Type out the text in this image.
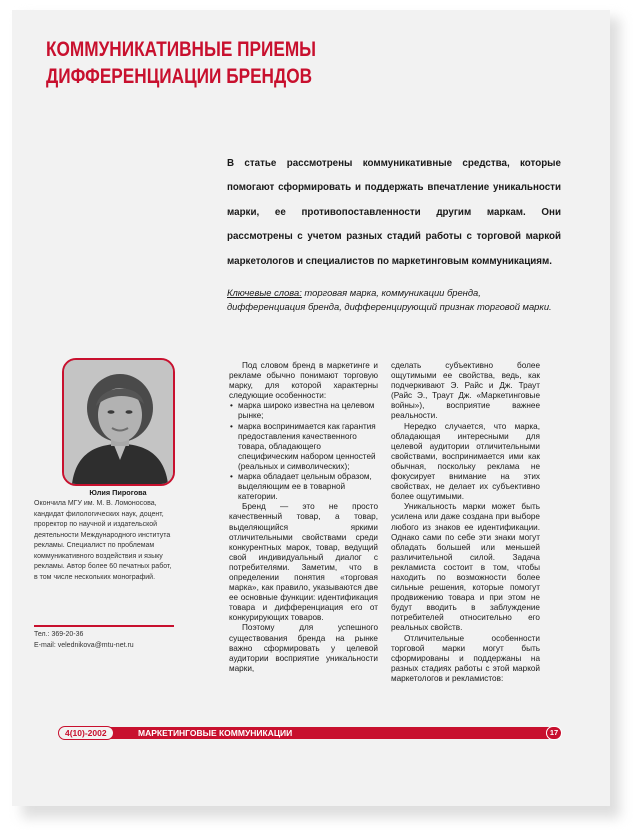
КОММУНИКАТИВНЫЕ ПРИЕМЫ
ДИФФЕРЕНЦИАЦИИ БРЕНДОВ
В статье рассмотрены коммуникативные средства, которые помогают сформировать и поддержать впечатление уникальности марки, ее противопоставленности другим маркам. Они рассмотрены с учетом разных стадий работы с торговой маркой маркетологов и специалистов по маркетинговым коммуникациям.
Ключевые слова: торговая марка, коммуникации бренда, дифференциация бренда, дифференцирующий признак торговой марки.
Юлия Пирогова
Окончила МГУ им. М. В. Ломоносова, кандидат филологических наук, доцент, проректор по научной и издательской деятельности Международного института рекламы. Специалист по проблемам коммуникативного воздействия и языку рекламы. Автор более 60 печатных работ, в том числе нескольких монографий.
Тел.: 369-20-36
E-mail: velednikova@mtu-net.ru

Под словом бренд в маркетинге и рекламе обычно понимают торговую марку, для которой характерны следующие особенности:

• марка широко известна на целевом рынке;
• марка воспринимается как гарантия предоставления качественного товара, обладающего специфическим набором ценностей (реальных и символических);
• марка обладает цельным образом, выделяющим ее в товарной категории.

Бренд — это не просто качественный товар, а товар, выделяющийся яркими отличительными свойствами среди конкурентных марок, товар, ведущий свой индивидуальный диалог с потребителями. Заметим, что в определении понятия «торговая марка», как правило, указываются две ее основные функции: идентификация товара и дифференциация его от конкурирующих товаров.

Поэтому для успешного существования бренда на рынке важно сформировать у целевой аудитории восприятие уникальности марки,

сделать субъективно более ощутимыми ее свойства, ведь, как подчеркивают Э. Райс и Дж. Траут (Райс Э., Траут Дж. «Маркетинговые войны»), восприятие важнее реальности.

Нередко случается, что марка, обладающая интересными для целевой аудитории отличительными свойствами, воспринимается ими как обычная, поскольку реклама не фокусирует внимание на этих свойствах, не делает их субъективно более ощутимыми.

Уникальность марки может быть усилена или даже создана при выборе любого из знаков ее идентификации. Однако сами по себе эти знаки могут обладать большей или меньшей различительной силой. Задача рекламиста состоит в том, чтобы находить по возможности более сильные решения, которые помогут продвижению товара и при этом не будут вводить в заблуждение потребителей относительно его реальных свойств.

Отличительные особенности торговой марки могут быть сформированы и поддержаны на разных стадиях работы с этой маркой маркетологов и рекламистов:

4(10)-2002	МАРКЕТИНГОВЫЕ КОММУНИКАЦИИ	17
